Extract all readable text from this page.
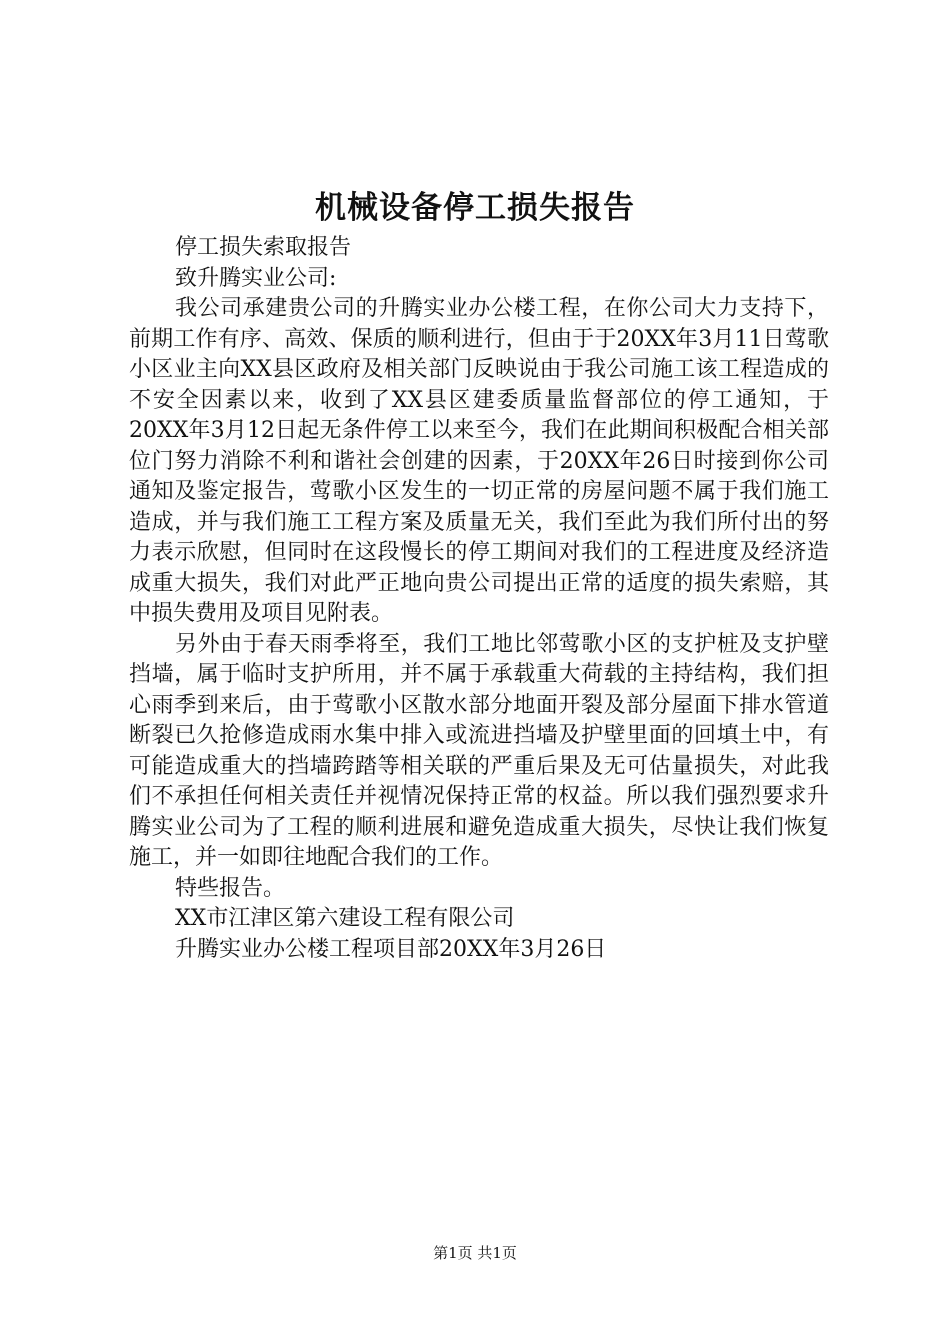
机械设备停工损失报告

停工损失索取报告

致升腾实业公司:

我公司承建贵公司的升腾实业办公楼工程，在你公司大力支持下，前期工作有序、高效、保质的顺利进行，但由于于20XX年3月11日莺歌小区业主向XX县区政府及相关部门反映说由于我公司施工该工程造成的不安全因素以来，收到了XX县区建委质量监督部位的停工通知，于20XX年3月12日起无条件停工以来至今，我们在此期间积极配合相关部位门努力消除不利和谐社会创建的因素，于20XX年26日时接到你公司通知及鉴定报告，莺歌小区发生的一切正常的房屋问题不属于我们施工造成，并与我们施工工程方案及质量无关，我们至此为我们所付出的努力表示欣慰，但同时在这段慢长的停工期间对我们的工程进度及经济造成重大损失，我们对此严正地向贵公司提出正常的适度的损失索赔，其中损失费用及项目见附表。

另外由于春天雨季将至，我们工地比邻莺歌小区的支护桩及支护壁挡墙，属于临时支护所用，并不属于承载重大荷载的主持结构，我们担心雨季到来后，由于莺歌小区散水部分地面开裂及部分屋面下排水管道断裂已久抢修造成雨水集中排入或流进挡墙及护壁里面的回填土中，有可能造成重大的挡墙跨踏等相关联的严重后果及无可估量损失，对此我们不承担任何相关责任并视情况保持正常的权益。所以我们强烈要求升腾实业公司为了工程的顺利进展和避免造成重大损失，尽快让我们恢复施工，并一如即往地配合我们的工作。

特些报告。

XX市江津区第六建设工程有限公司

升腾实业办公楼工程项目部20XX年3月26日

第1页 共1页
